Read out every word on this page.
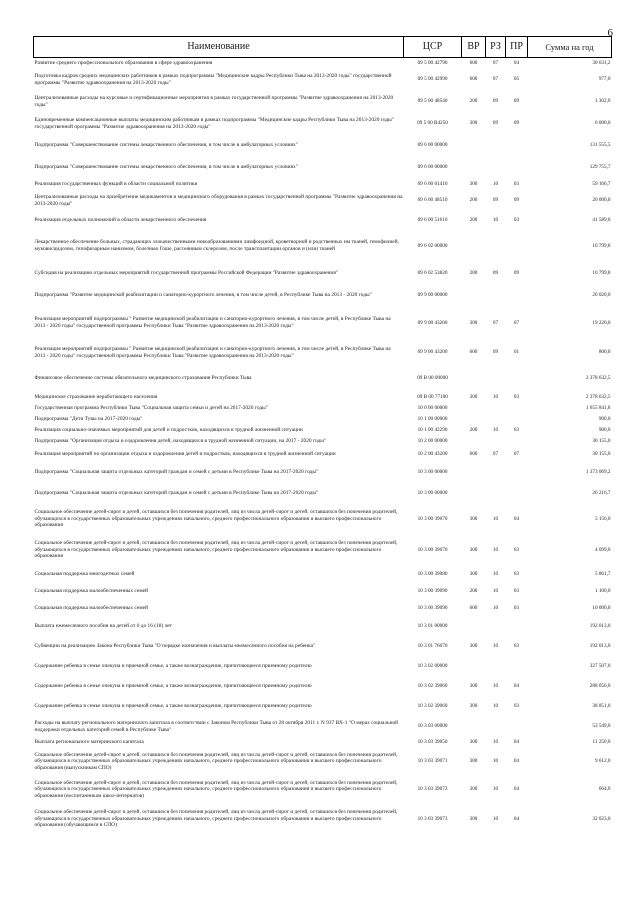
6
Наименование	ЦСР	ВР	РЗ	ПР	Сумма на год
Развитие среднего профессионального образования в сфере здравоохранения	09 5 00 42790	600	07	04	30 631,2
Подготовка кадров средних медицинских работников в рамках подпрограммы "Медицинские кадры Республики Тыва на 2013-2020 годы" государственной программы "Развитие здравоохранения на 2013-2020 годы"	09 5 00 42990	600	07	05	977,0
Централизованные расходы на курсовые и сертификационные мероприятия в рамках государственной программы "Развитие здравоохранения на 2013-2020 годы"	09 5 00 48540	200	09	09	1 302,0
Единовременные компенсационные выплаты медицинским работникам в рамках подпрограммы "Медицинские кадры Республики Тыва на 2013-2020 годы" государственной программы "Развитие здравоохранения на 2013-2020 годы"	09 5 00 R4250	300	09	09	6 000,0
Подпрограмма "Совершенствование системы лекарственного обеспечения, в том числе в амбулаторных условиях"	09 6 00 00000				131 555,5
Подпрограмма "Совершенствование системы лекарственного обеспечения, в том числе в амбулаторных условиях"	09 6 00 00000				129 755,7
Реализация государственных функций в области социальной политики	09 6 00 01410	300	10	03	59 166,7
Централизованные расходы на приобретение медикаментов и медицинского оборудования в рамках государственной программы "Развитие здравоохранения на 2013-2020 годы"	09 6 00 48510	200	09	09	20 000,0
Реализация отдельных полномочий в области лекарственного обеспечения	09 6 00 51610	200	10	03	41 589,0
Лекарственное обеспечение больных, страдающих злокачественными новообразованиями лимфоидной, кроветворной и родственных им тканей, гемофилией, муковисцидозом, гипофизарным нанизмом, болезнью Гоше, рассеянным склерозом, после трансплантации органов и (или) тканей	09 6 02 00000				10 799,8
Субсидия на реализацию отдельных мероприятий государственной программы Российской Федерации "Развитие здравоохранения"	09 6 02 53820	200	09	09	10 799,8
Подпрограмма "Развитие медицинской реабилитации и санаторно-курортного лечения, в том числе детей, в Республике Тыва на 2013 - 2020 годы"	09 9 00 00000				20 020,0
Реализация мероприятий подпрограммы " Развитие медицинской реабилитации и санаторно-курортного лечения, в том числе детей, в Республике Тыва на 2013 - 2020 годы" государственной программы Республики Тыва "Развитие здравоохранения на 2013-2020 годы"	09 9 00 43200	300	07	07	19 220,0
Реализация мероприятий подпрограммы " Развитие медицинской реабилитации и санаторно-курортного лечения, в том числе детей, в Республике Тыва на 2013 - 2020 годы" государственной программы Республики Тыва "Развитие здравоохранения на 2013-2020 годы"	09 9 00 43200	600	09	01	800,0
Финансовое обеспечение системы обязательного медицинского страхования Республики Тыва	09 В 00 00000				2 378 632,5
Медицинское страхование неработающего населения	09 В 00 77100	300	10	03	2 378 632,5
Государственная программа Республики Тыва "Социальная защита семьи и детей на 2017-2020 годы"	10 0 00 00000				1 655 841,8
Подпрограмма "Дети Тувы на 2017-2020 годы"	10 1 00 00000				900,0
Реализация социально-значимых мероприятий для детей и подростков, находящихся в трудной жизненной ситуации	10 1 00 42290	200	10	03	900,0
Подпрограмма "Организация отдыха и оздоровления детей, находящихся в трудной жизненной ситуации, на 2017 - 2020 годы"	10 2 00 00000				30 155,0
Реализация мероприятий по организации отдыха и оздоровления детей и подростков, находящихся в трудной жизненной ситуации	10 2 00 43200	600	07	07	30 155,0
Подпрограмма "Социальная защита отдельных категорий граждан и семей с детьми в Республике Тыва на 2017-2020 годы"	10 3 00 00000				1 373 069,2
Подпрограмма "Социальная защита отдельных категорий граждан и семей с детьми в Республике Тыва на 2017-2020 годы"	10 3 00 00000				26 216,7
Социальное обеспечение детей-сирот и детей, оставшихся без попечения родителей, лиц из числа детей-сирот и детей, оставшихся без попечения родителей, обучающихся в государственных образовательных учреждениях начального, среднего профессионального образования и высшего профессионального образования	10 3 00 39070	300	10	04	5 156,0
Социальное обеспечение детей-сирот и детей, оставшихся без попечения родителей, лиц из числа детей-сирот и детей, оставшихся без попечения родителей, обучающихся в государственных образовательных учреждениях начального, среднего профессионального образования и высшего профессионального образования	10 3 00 39070	300	10	03	4 099,0
Социальная поддержка многодетных семей	10 3 00 39080	300	10	03	5 861,7
Социальная поддержка малообеспеченных семей	10 3 00 39090	200	10	03	1 100,0
Социальная поддержка малообеспеченных семей	10 3 00 39090	600	10	03	10 000,0
Выплата ежемесячного пособия на детей от 0 до 16 (18) лет	10 3 01 00000				192 013,0
Субвенции на реализацию Закона Республики Тыва "О порядке назначения и выплаты ежемесячного пособия на ребенка"	10 3 01 76070	300	10	03	192 013,0
Содержание ребенка в семье опекуна и приемной семье, а также вознаграждение, причитающееся приемному родителю	10 3 02 00000				327 507,0
Содержание ребенка в семье опекуна и приемной семье, а также вознаграждение, причитающееся приемному родителю	10 3 02 39060	300	10	04	288 656,0
Содержание ребенка в семье опекуна и приемной семье, а также вознаграждение, причитающееся приемному родителю	10 3 02 39060	300	10	03	38 851,0
Расходы на выплату регионального материнского капитала в соответствии с Законом Республики Тыва от 28 октября 2011 г. N 937 ВХ-1 "О мерах социальной поддержки отдельных категорий семей в Республике Тыва"	10 3 03 00000				53 549,0
Выплата регионального материнского капитала	10 3 03 39050	300	10	04	11 250,0
Социальное обеспечение детей-сирот и детей, оставшихся без попечения родителей, лиц из числа детей-сирот и детей, оставшихся без попечения родителей, обучающихся в государственных образовательных учреждениях начального, среднего профессионального образования и высшего профессионального образования (выпускникам СПО)	10 3 03 39071	300	10	04	9 612,0
Социальное обеспечение детей-сирот и детей, оставшихся без попечения родителей, лиц из числа детей-сирот и детей, оставшихся без попечения родителей, обучающихся в государственных образовательных учреждениях начального, среднего профессионального образования и высшего профессионального образования (воспитанникам школ-интернатов)	10 3 03 39072	300	10	04	664,0
Социальное обеспечение детей-сирот и детей, оставшихся без попечения родителей, лиц из числа детей-сирот и детей, оставшихся без попечения родителей, обучающихся в государственных образовательных учреждениях начального, среднего профессионального образования и высшего профессионального образования (обучающимся в СПО)	10 3 03 39073	300	10	04	32 023,0
